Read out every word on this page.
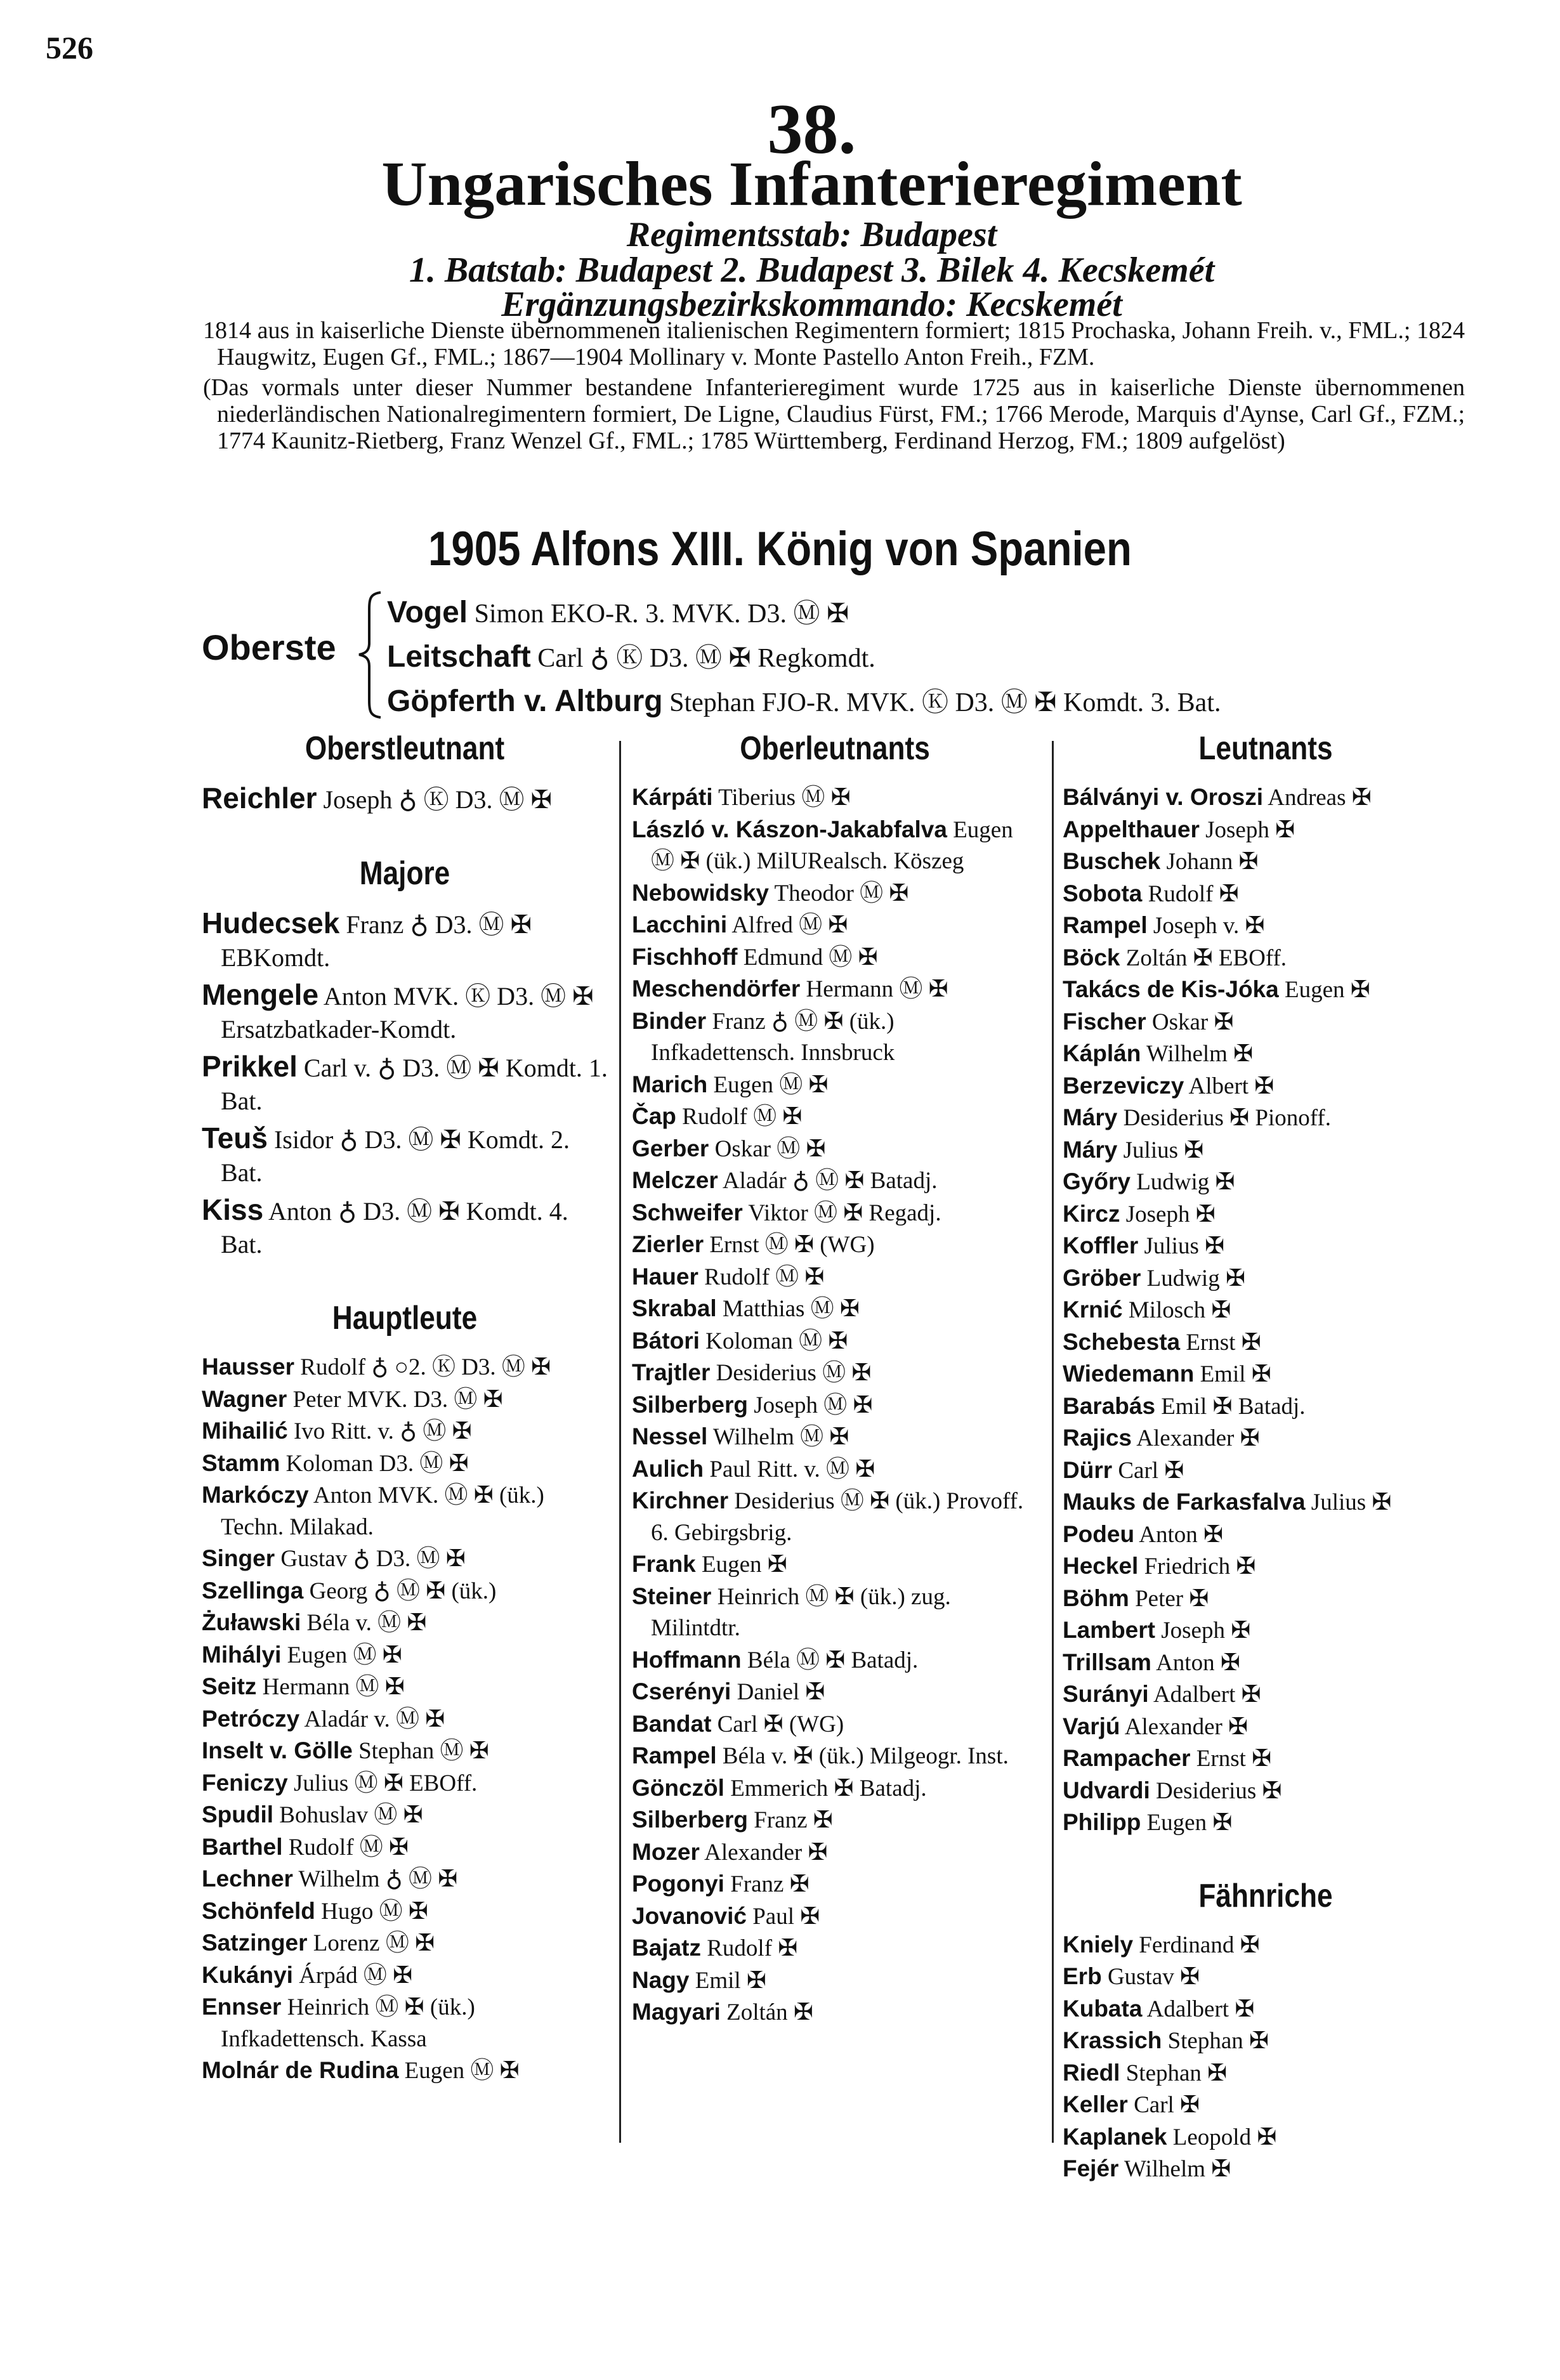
526
38.
Ungarisches Infanterieregiment
Regimentsstab: Budapest
1. Batstab: Budapest 2. Budapest 3. Bilek 4. Kecskemét
Ergänzungsbezirkskommando: Kecskemét

1814 aus in kaiserliche Dienste übernommenen italienischen Regimentern formiert; 1815 Prochaska, Johann Freih. v., FML.; 1824 Haugwitz, Eugen Gf., FML.; 1867—1904 Mollinary v. Monte Pastello Anton Freih., FZM.

(Das vormals unter dieser Nummer bestandene Infanterieregiment wurde 1725 aus in kaiserliche Dienste übernommenen niederländischen Nationalregimentern formiert, De Ligne, Claudius Fürst, FM.; 1766 Merode, Marquis d'Aynse, Carl Gf., FZM.; 1774 Kaunitz-Rietberg, Franz Wenzel Gf., FML.; 1785 Württemberg, Ferdinand Herzog, FM.; 1809 aufgelöst)

1905 Alfons XIII. König von Spanien
Oberste
Vogel Simon EKO-R. 3. MVK. D3. Ⓜ ✠
Leitschaft Carl ♁ Ⓚ D3. Ⓜ ✠ Regkomdt.
Göpferth v. Altburg Stephan FJO-R. MVK. Ⓚ D3. Ⓜ ✠ Komdt. 3. Bat.
Oberstleutnant
Reichler Joseph ♁ Ⓚ D3. Ⓜ ✠
Majore
Hudecsek Franz ♁ D3. Ⓜ ✠ EBKomdt.
Mengele Anton MVK. Ⓚ D3. Ⓜ ✠ Ersatzbatkader-Komdt.
Prikkel Carl v. ♁ D3. Ⓜ ✠ Komdt. 1. Bat.
Teuš Isidor ♁ D3. Ⓜ ✠ Komdt. 2. Bat.
Kiss Anton ♁ D3. Ⓜ ✠ Komdt. 4. Bat.
Hauptleute
Hausser Rudolf ♁ ○2. Ⓚ D3. Ⓜ ✠
Wagner Peter MVK. D3. Ⓜ ✠
Mihailić Ivo Ritt. v. ♁ Ⓜ ✠
Stamm Koloman D3. Ⓜ ✠
Markóczy Anton MVK. Ⓜ ✠ (ük.) Techn. Milakad.
Singer Gustav ♁ D3. Ⓜ ✠
Szellinga Georg ♁ Ⓜ ✠ (ük.)
Żuławski Béla v. Ⓜ ✠
Mihályi Eugen Ⓜ ✠
Seitz Hermann Ⓜ ✠
Petróczy Aladár v. Ⓜ ✠
Inselt v. Gölle Stephan Ⓜ ✠
Feniczy Julius Ⓜ ✠ EBOff.
Spudil Bohuslav Ⓜ ✠
Barthel Rudolf Ⓜ ✠
Lechner Wilhelm ♁ Ⓜ ✠
Schönfeld Hugo Ⓜ ✠
Satzinger Lorenz Ⓜ ✠
Kukányi Árpád Ⓜ ✠
Ennser Heinrich Ⓜ ✠ (ük.) Infkadettensch. Kassa
Molnár de Rudina Eugen Ⓜ ✠
Oberleutnants
Kárpáti Tiberius Ⓜ ✠
László v. Kászon-Jakabfalva Eugen Ⓜ ✠ (ük.) MilURealsch. Köszeg
Nebowidsky Theodor Ⓜ ✠
Lacchini Alfred Ⓜ ✠
Fischhoff Edmund Ⓜ ✠
Meschendörfer Hermann Ⓜ ✠
Binder Franz ♁ Ⓜ ✠ (ük.) Infkadettensch. Innsbruck
Marich Eugen Ⓜ ✠
Čap Rudolf Ⓜ ✠
Gerber Oskar Ⓜ ✠
Melczer Aladár ♁ Ⓜ ✠ Batadj.
Schweifer Viktor Ⓜ ✠ Regadj.
Zierler Ernst Ⓜ ✠ (WG)
Hauer Rudolf Ⓜ ✠
Skrabal Matthias Ⓜ ✠
Bátori Koloman Ⓜ ✠
Trajtler Desiderius Ⓜ ✠
Silberberg Joseph Ⓜ ✠
Nessel Wilhelm Ⓜ ✠
Aulich Paul Ritt. v. Ⓜ ✠
Kirchner Desiderius Ⓜ ✠ (ük.) Provoff. 6. Gebirgsbrig.
Frank Eugen ✠
Steiner Heinrich Ⓜ ✠ (ük.) zug. Milintdtr.
Hoffmann Béla Ⓜ ✠ Batadj.
Cserényi Daniel ✠
Bandat Carl ✠ (WG)
Rampel Béla v. ✠ (ük.) Milgeogr. Inst.
Gönczöl Emmerich ✠ Batadj.
Silberberg Franz ✠
Mozer Alexander ✠
Pogonyi Franz ✠
Jovanović Paul ✠
Bajatz Rudolf ✠
Nagy Emil ✠
Magyari Zoltán ✠
Leutnants
Bálványi v. Oroszi Andreas ✠
Appelthauer Joseph ✠
Buschek Johann ✠
Sobota Rudolf ✠
Rampel Joseph v. ✠
Böck Zoltán ✠ EBOff.
Takács de Kis-Jóka Eugen ✠
Fischer Oskar ✠
Káplán Wilhelm ✠
Berzeviczy Albert ✠
Máry Desiderius ✠ Pionoff.
Máry Julius ✠
Győry Ludwig ✠
Kircz Joseph ✠
Koffler Julius ✠
Gröber Ludwig ✠
Krnić Milosch ✠
Schebesta Ernst ✠
Wiedemann Emil ✠
Barabás Emil ✠ Batadj.
Rajics Alexander ✠
Dürr Carl ✠
Mauks de Farkasfalva Julius ✠
Podeu Anton ✠
Heckel Friedrich ✠
Böhm Peter ✠
Lambert Joseph ✠
Trillsam Anton ✠
Surányi Adalbert ✠
Varjú Alexander ✠
Rampacher Ernst ✠
Udvardi Desiderius ✠
Philipp Eugen ✠
Fähnriche
Kniely Ferdinand ✠
Erb Gustav ✠
Kubata Adalbert ✠
Krassich Stephan ✠
Riedl Stephan ✠
Keller Carl ✠
Kaplanek Leopold ✠
Fejér Wilhelm ✠
